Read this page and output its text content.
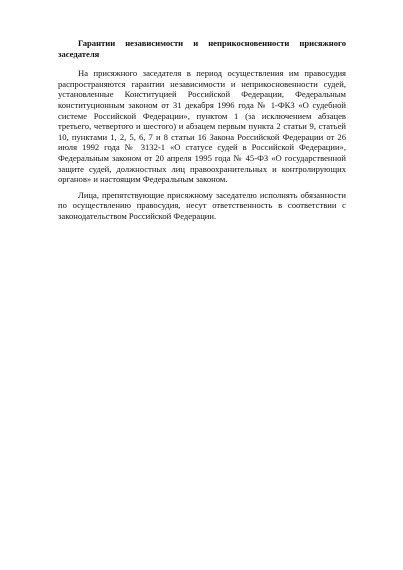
Гарантии независимости и неприкосновенности присяжного заседателя

На присяжного заседателя в период осуществления им правосудия распространяются гарантии независимости и неприкосновенности судей, установленные Конституцией Российской Федерации, Федеральным конституционным законом от 31 декабря 1996 года № 1-ФКЗ «О судебной системе Российской Федерации», пунктом 1 (за исключением абзацев третьего, четвертого и шестого) и абзацем первым пункта 2 статьи 9, статьей 10, пунктами 1, 2, 5, 6, 7 и 8 статьи 16 Закона Российской Федерации от 26 июля 1992 года № 3132-1 «О статусе судей в Российской Федерации», Федеральным законом от 20 апреля 1995 года № 45-ФЗ «О государственной защите судей, должностных лиц правоохранительных и контролирующих органов» и настоящим Федеральным законом.

Лица, препятствующие присяжному заседателю исполнять обязанности по осуществлению правосудия, несут ответственность в соответствии с законодательством Российской Федерации.
